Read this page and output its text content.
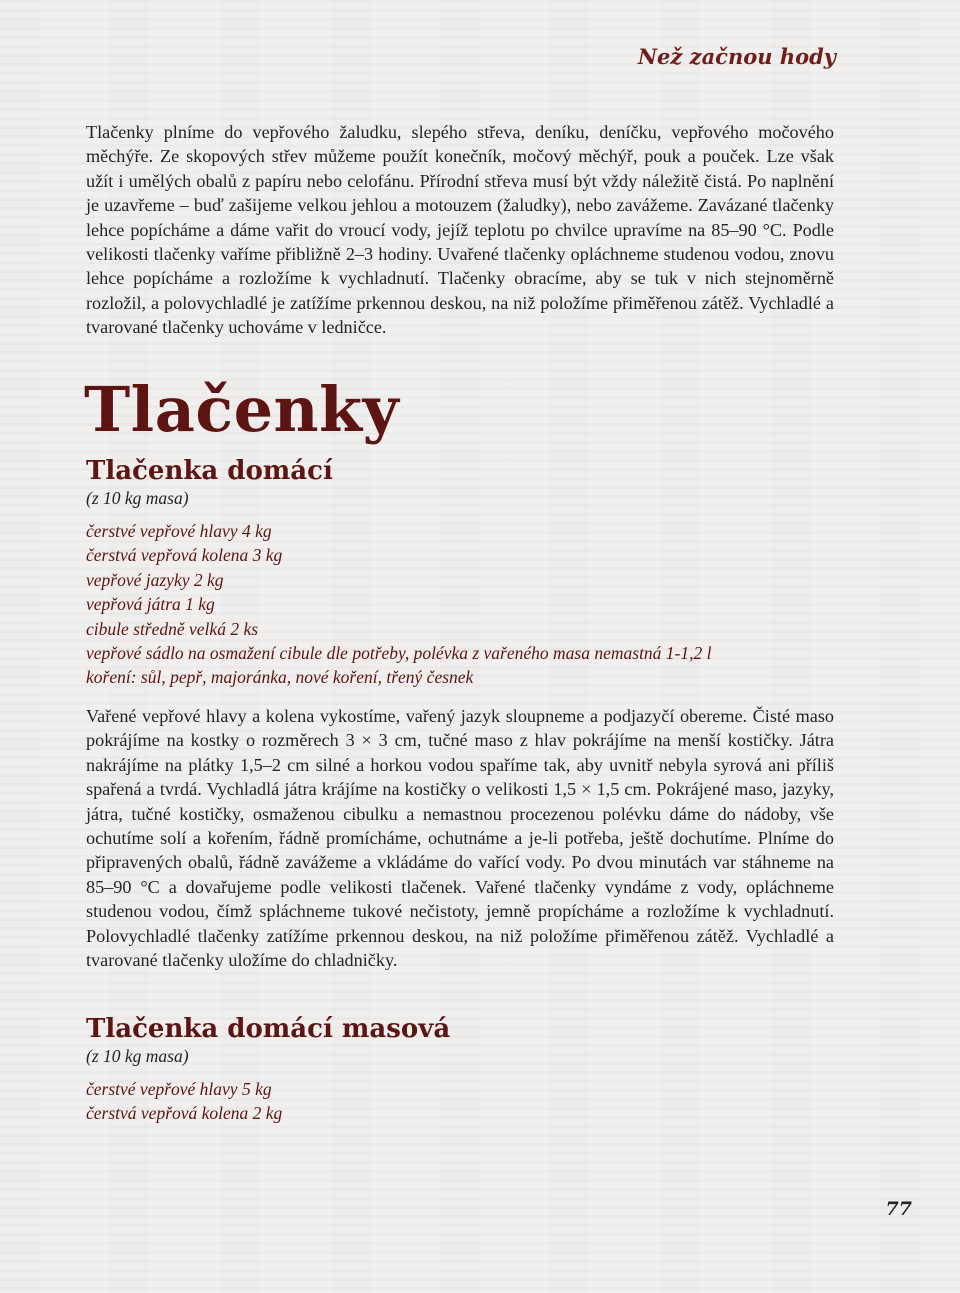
Než začnou hody

Tlačenky plníme do vepřového žaludku, slepého střeva, deníku, deníčku, vepřového močového měchýře. Ze skopových střev můžeme použít konečník, močový měchýř, pouk a pouček. Lze však užít i umělých obalů z papíru nebo celofánu. Přírodní střeva musí být vždy náležitě čistá. Po naplnění je uzavřeme – buď zašijeme velkou jehlou a motouzem (žaludky), nebo zavážeme. Zavázané tlačenky lehce popícháme a dáme vařit do vroucí vody, jejíž teplotu po chvilce upravíme na 85–90 °C. Podle velikosti tlačenky vaříme přibližně 2–3 hodiny. Uvařené tlačenky opláchneme studenou vodou, znovu lehce popícháme a rozložíme k vychladnutí. Tlačenky obracíme, aby se tuk v nich stejnoměrně rozložil, a polovychladlé je zatížíme prkennou deskou, na niž položíme přiměřenou zátěž. Vychladlé a tvarované tlačenky uchováme v ledničce.

Tlačenky
Tlačenka domácí

(z 10 kg masa)

čerstvé vepřové hlavy 4 kg
čerstvá vepřová kolena 3 kg
vepřové jazyky 2 kg
vepřová játra 1 kg
cibule středně velká 2 ks
vepřové sádlo na osmažení cibule dle potřeby, polévka z vařeného masa nemastná 1-1,2 l
koření: sůl, pepř, majoránka, nové koření, třený česnek

Vařené vepřové hlavy a kolena vykostíme, vařený jazyk sloupneme a podjazyčí obereme. Čisté maso pokrájíme na kostky o rozměrech 3 × 3 cm, tučné maso z hlav pokrájíme na menší kostičky. Játra nakrájíme na plátky 1,5–2 cm silné a horkou vodou spaříme tak, aby uvnitř nebyla syrová ani příliš spařená a tvrdá. Vychladlá játra krájíme na kostičky o velikosti 1,5 × 1,5 cm. Pokrájené maso, jazyky, játra, tučné kostičky, osmaženou cibulku a nemastnou procezenou polévku dáme do nádoby, vše ochutíme solí a kořením, řádně promícháme, ochutnáme a je-li potřeba, ještě dochutíme. Plníme do připravených obalů, řádně zavážeme a vkládáme do vařící vody. Po dvou minutách var stáhneme na 85–90 °C a dovařujeme podle velikosti tlačenek. Vařené tlačenky vyndáme z vody, opláchneme studenou vodou, čímž spláchneme tukové nečistoty, jemně propícháme a rozložíme k vychladnutí. Polovychladlé tlačenky zatížíme prkennou deskou, na niž položíme přiměřenou zátěž. Vychladlé a tvarované tlačenky uložíme do chladničky.

Tlačenka domácí masová

(z 10 kg masa)

čerstvé vepřové hlavy 5 kg
čerstvá vepřová kolena 2 kg
77
